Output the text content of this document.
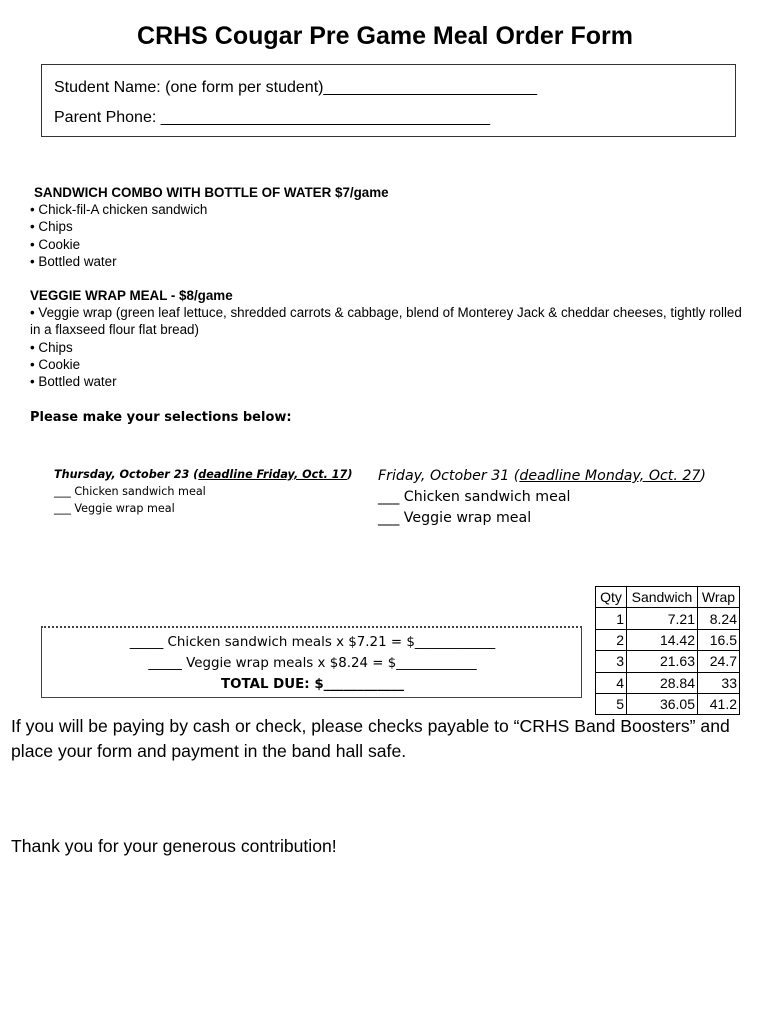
CRHS Cougar Pre Game Meal Order Form
Student Name: (one form per student)________________________
Parent Phone: _____________________________________
SANDWICH COMBO WITH BOTTLE OF WATER $7/game
• Chick-fil-A chicken sandwich
• Chips
• Cookie
• Bottled water
VEGGIE WRAP MEAL - $8/game
• Veggie wrap (green leaf lettuce, shredded carrots & cabbage, blend of Monterey Jack & cheddar cheeses, tightly rolled in a flaxseed flour flat bread)
• Chips
• Cookie
• Bottled water
Please make your selections below:
Thursday, October 23 (deadline Friday, Oct. 17)
___ Chicken sandwich meal
___ Veggie wrap meal
Friday, October 31 (deadline Monday, Oct. 27)
___ Chicken sandwich meal
___ Veggie wrap meal
Qty	Sandwich	Wrap
1	7.21	8.24
2	14.42	16.5
3	21.63	24.7
4	28.84	33
5	36.05	41.2
_____ Chicken sandwich meals x $7.21 = $____________
_____ Veggie wrap meals x $8.24 = $____________
TOTAL DUE: $____________
If you will be paying by cash or check, please checks payable to “CRHS Band Boosters” and place your form and payment in the band hall safe.
Thank you for your generous contribution!
